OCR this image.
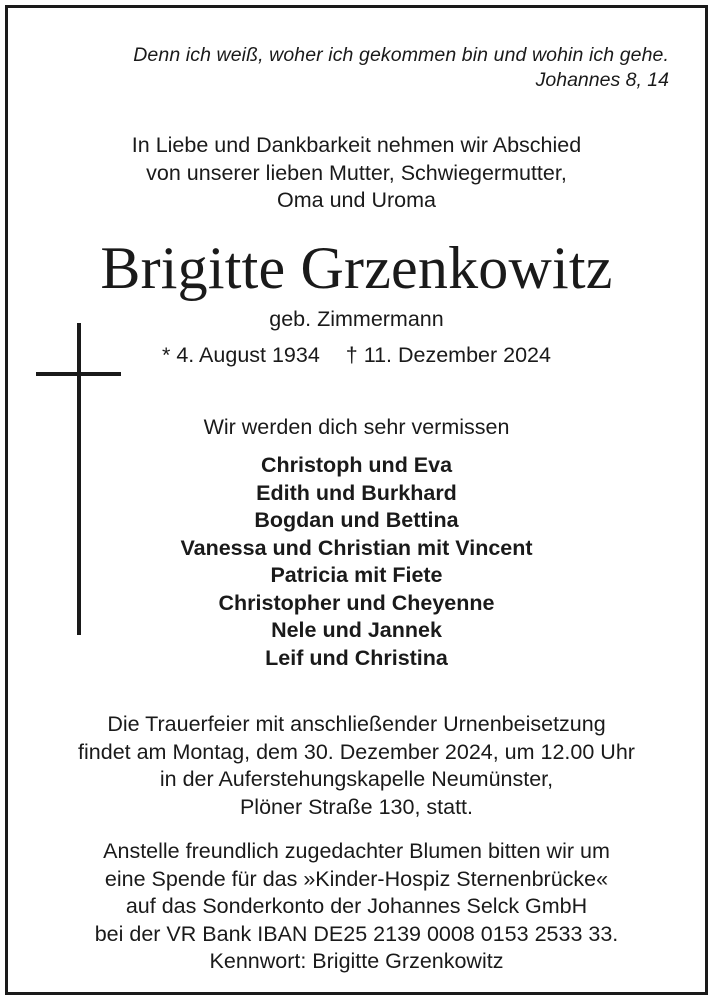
Denn ich weiß, woher ich gekommen bin und wohin ich gehe.
Johannes 8, 14
In Liebe und Dankbarkeit nehmen wir Abschied
von unserer lieben Mutter, Schwiegermutter,
Oma und Uroma
Brigitte Grzenkowitz
geb. Zimmermann
* 4. August 1934 † 11. Dezember 2024
Wir werden dich sehr vermissen
Christoph und Eva
Edith und Burkhard
Bogdan und Bettina
Vanessa und Christian mit Vincent
Patricia mit Fiete
Christopher und Cheyenne
Nele und Jannek
Leif und Christina
Die Trauerfeier mit anschließender Urnenbeisetzung
findet am Montag, dem 30. Dezember 2024, um 12.00 Uhr
in der Auferstehungskapelle Neumünster,
Plöner Straße 130, statt.
Anstelle freundlich zugedachter Blumen bitten wir um
eine Spende für das »Kinder-Hospiz Sternenbrücke«
auf das Sonderkonto der Johannes Selck GmbH
bei der VR Bank IBAN DE25 2139 0008 0153 2533 33.
Kennwort: Brigitte Grzenkowitz
